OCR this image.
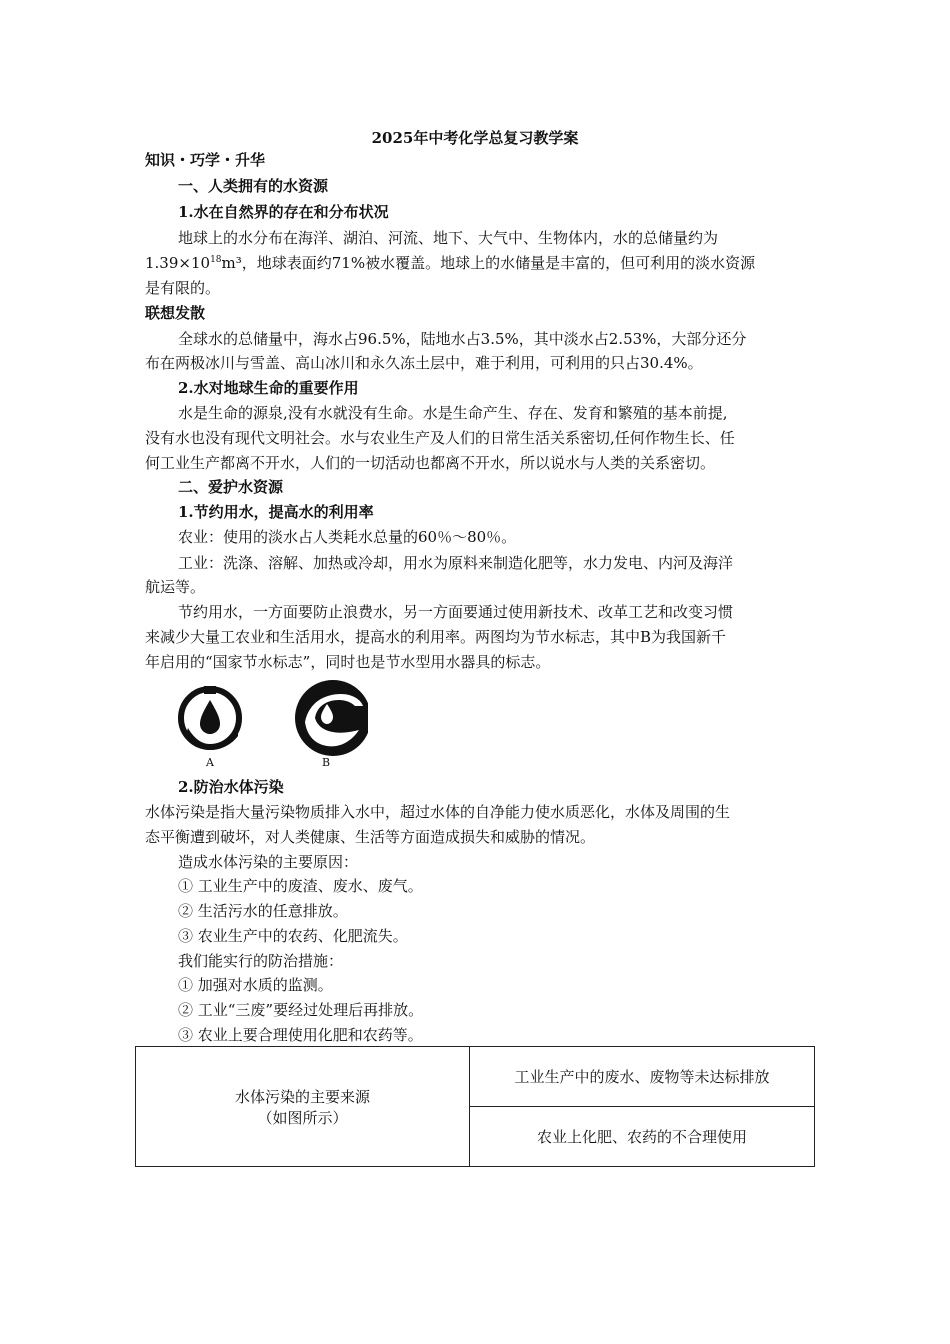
2025年中考化学总复习教学案
知识・巧学・升华
一、人类拥有的水资源
1.水在自然界的存在和分布状况
地球上的水分布在海洋、湖泊、河流、地下、大气中、生物体内，水的总储量约为
$1.39\times 10^{18}m^3$，地球表面约71%被水覆盖。地球上的水储量是丰富的，但可利用的淡水资源
是有限的。
联想发散
全球水的总储量中，海水占96.5%，陆地水占3.5%，其中淡水占2.53%，大部分还分
布在两极冰川与雪盖、高山冰川和永久冻土层中，难于利用，可利用的只占30.4%。
2.水对地球生命的重要作用
水是生命的源泉,没有水就没有生命。水是生命产生、存在、发育和繁殖的基本前提,
没有水也没有现代文明社会。水与农业生产及人们的日常生活关系密切,任何作物生长、任
何工业生产都离不开水，人们的一切活动也都离不开水，所以说水与人类的关系密切。
二、爱护水资源
1.节约用水，提高水的利用率
农业：使用的淡水占人类耗水总量的60％～80％。
工业：洗涤、溶解、加热或冷却，用水为原料来制造化肥等，水力发电、内河及海洋
航运等。
节约用水，一方面要防止浪费水，另一方面要通过使用新技术、改革工艺和改变习惯
来减少大量工农业和生活用水，提高水的利用率。两图均为节水标志，其中B为我国新千
年启用的“国家节水标志”，同时也是节水型用水器具的标志。
A	B
2.防治水体污染
水体污染是指大量污染物质排入水中，超过水体的自净能力使水质恶化，水体及周围的生
态平衡遭到破坏，对人类健康、生活等方面造成损失和威胁的情况。
造成水体污染的主要原因：
① 工业生产中的废渣、废水、废气。
② 生活污水的任意排放。
③ 农业生产中的农药、化肥流失。
我们能实行的防治措施：
① 加强对水质的监测。
② 工业“三废”要经过处理后再排放。
③ 农业上要合理使用化肥和农药等。
水体污染的主要来源
（如图所示）
	工业生产中的废水、废物等未达标排放
农业上化肥、农药的不合理使用
